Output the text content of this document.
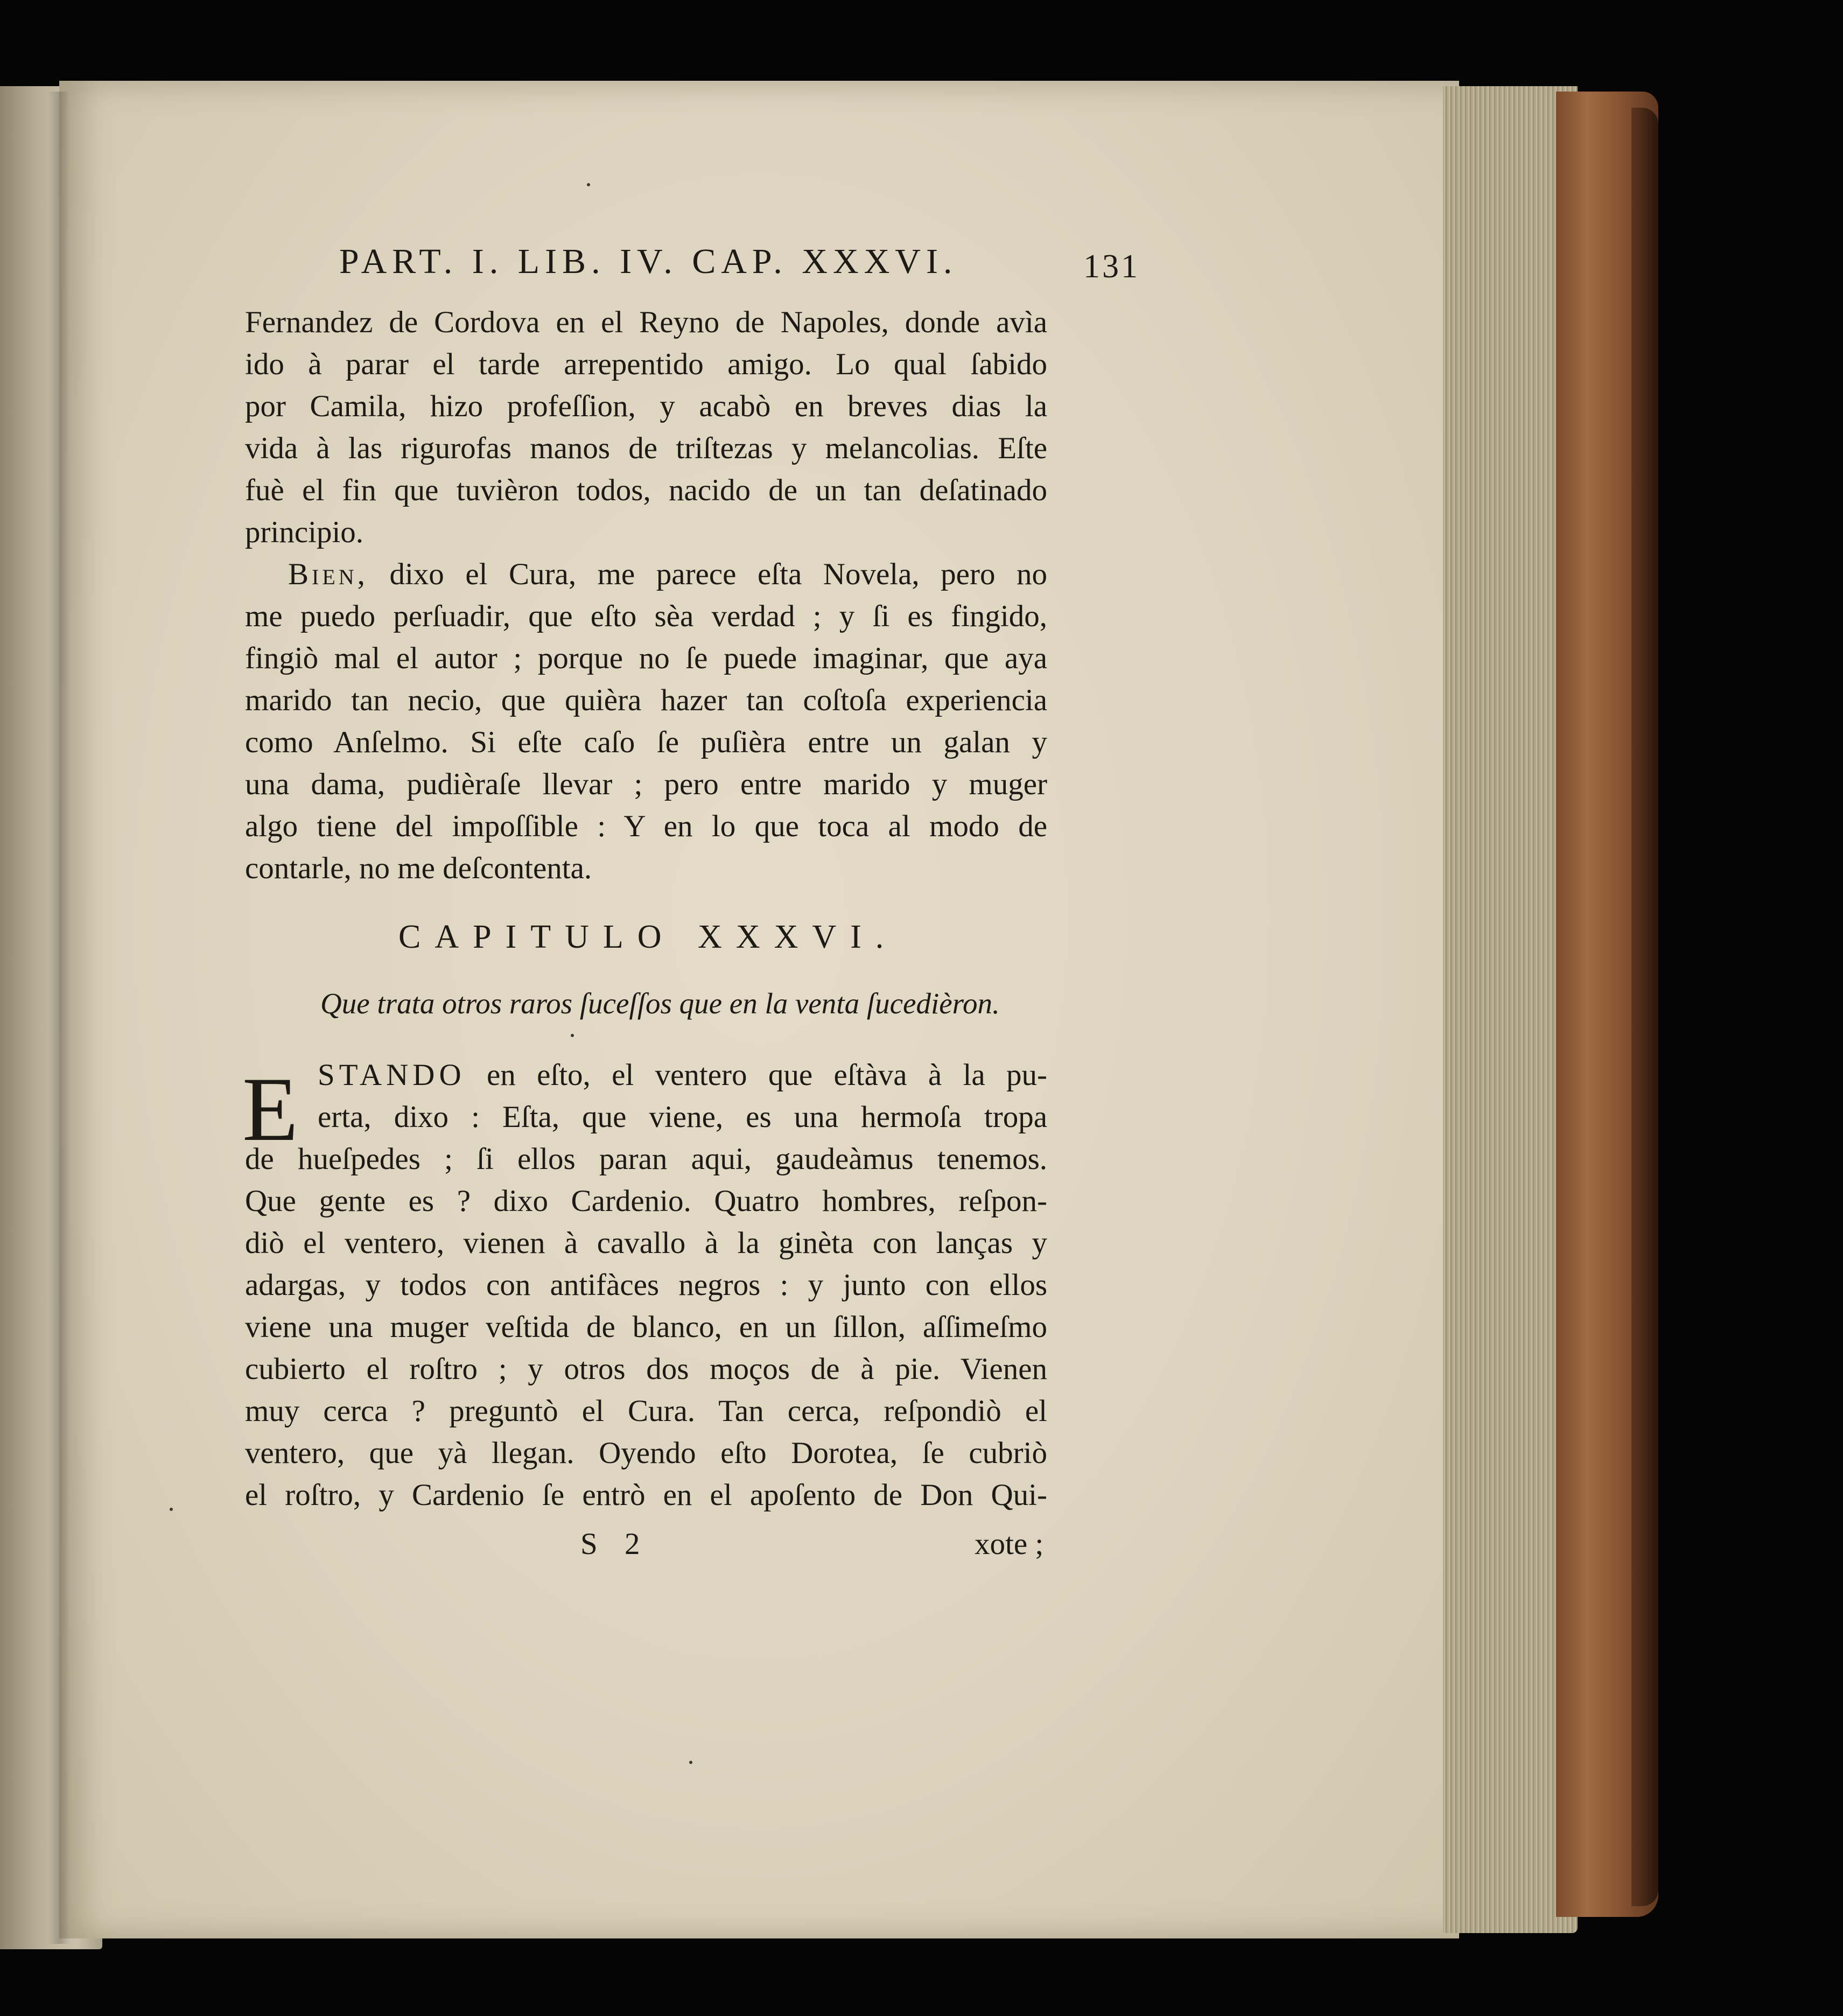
PART. I. LIB. IV. CAP. XXXVI.	131
Fernandez de Cordova en el Reyno de Napoles, donde avìa
ido à parar el tarde arrepentido amigo. Lo qual ſabido
por Camila, hizo profeſſion, y acabò en breves dias la
vida à las rigurofas manos de triſtezas y melancolias. Eſte
fuè el fin que tuvièron todos, nacido de un tan deſatinado
principio.
Bien, dixo el Cura, me parece eſta Novela, pero no
me puedo perſuadir, que eſto sèa verdad ; y ſi es fingido,
fingiò mal el autor ; porque no ſe puede imaginar, que aya
marido tan necio, que quièra hazer tan coſtoſa experiencia
como Anſelmo. Si eſte caſo ſe puſièra entre un galan y
una dama, pudièraſe llevar ; pero entre marido y muger
algo tiene del impoſſible : Y en lo que toca al modo de
contarle, no me deſcontenta.
CAPITULO XXXVI.
Que trata otros raros ſuceſſos que en la venta ſucedièron.
E STANDO en eſto, el ventero que eſtàva à la pu-
erta, dixo : Eſta, que viene, es una hermoſa tropa
de hueſpedes ; ſi ellos paran aqui, gaudeàmus tenemos.
Que gente es ? dixo Cardenio. Quatro hombres, reſpon-
diò el ventero, vienen à cavallo à la ginèta con lanças y
adargas, y todos con antifàces negros : y junto con ellos
viene una muger veſtida de blanco, en un ſillon, aſſimeſmo
cubierto el roſtro ; y otros dos moços de à pie. Vienen
muy cerca ? preguntò el Cura. Tan cerca, reſpondiò el
ventero, que yà llegan. Oyendo eſto Dorotea, ſe cubriò
el roſtro, y Cardenio ſe entrò en el apoſento de Don Qui-
S 2	xote ;
